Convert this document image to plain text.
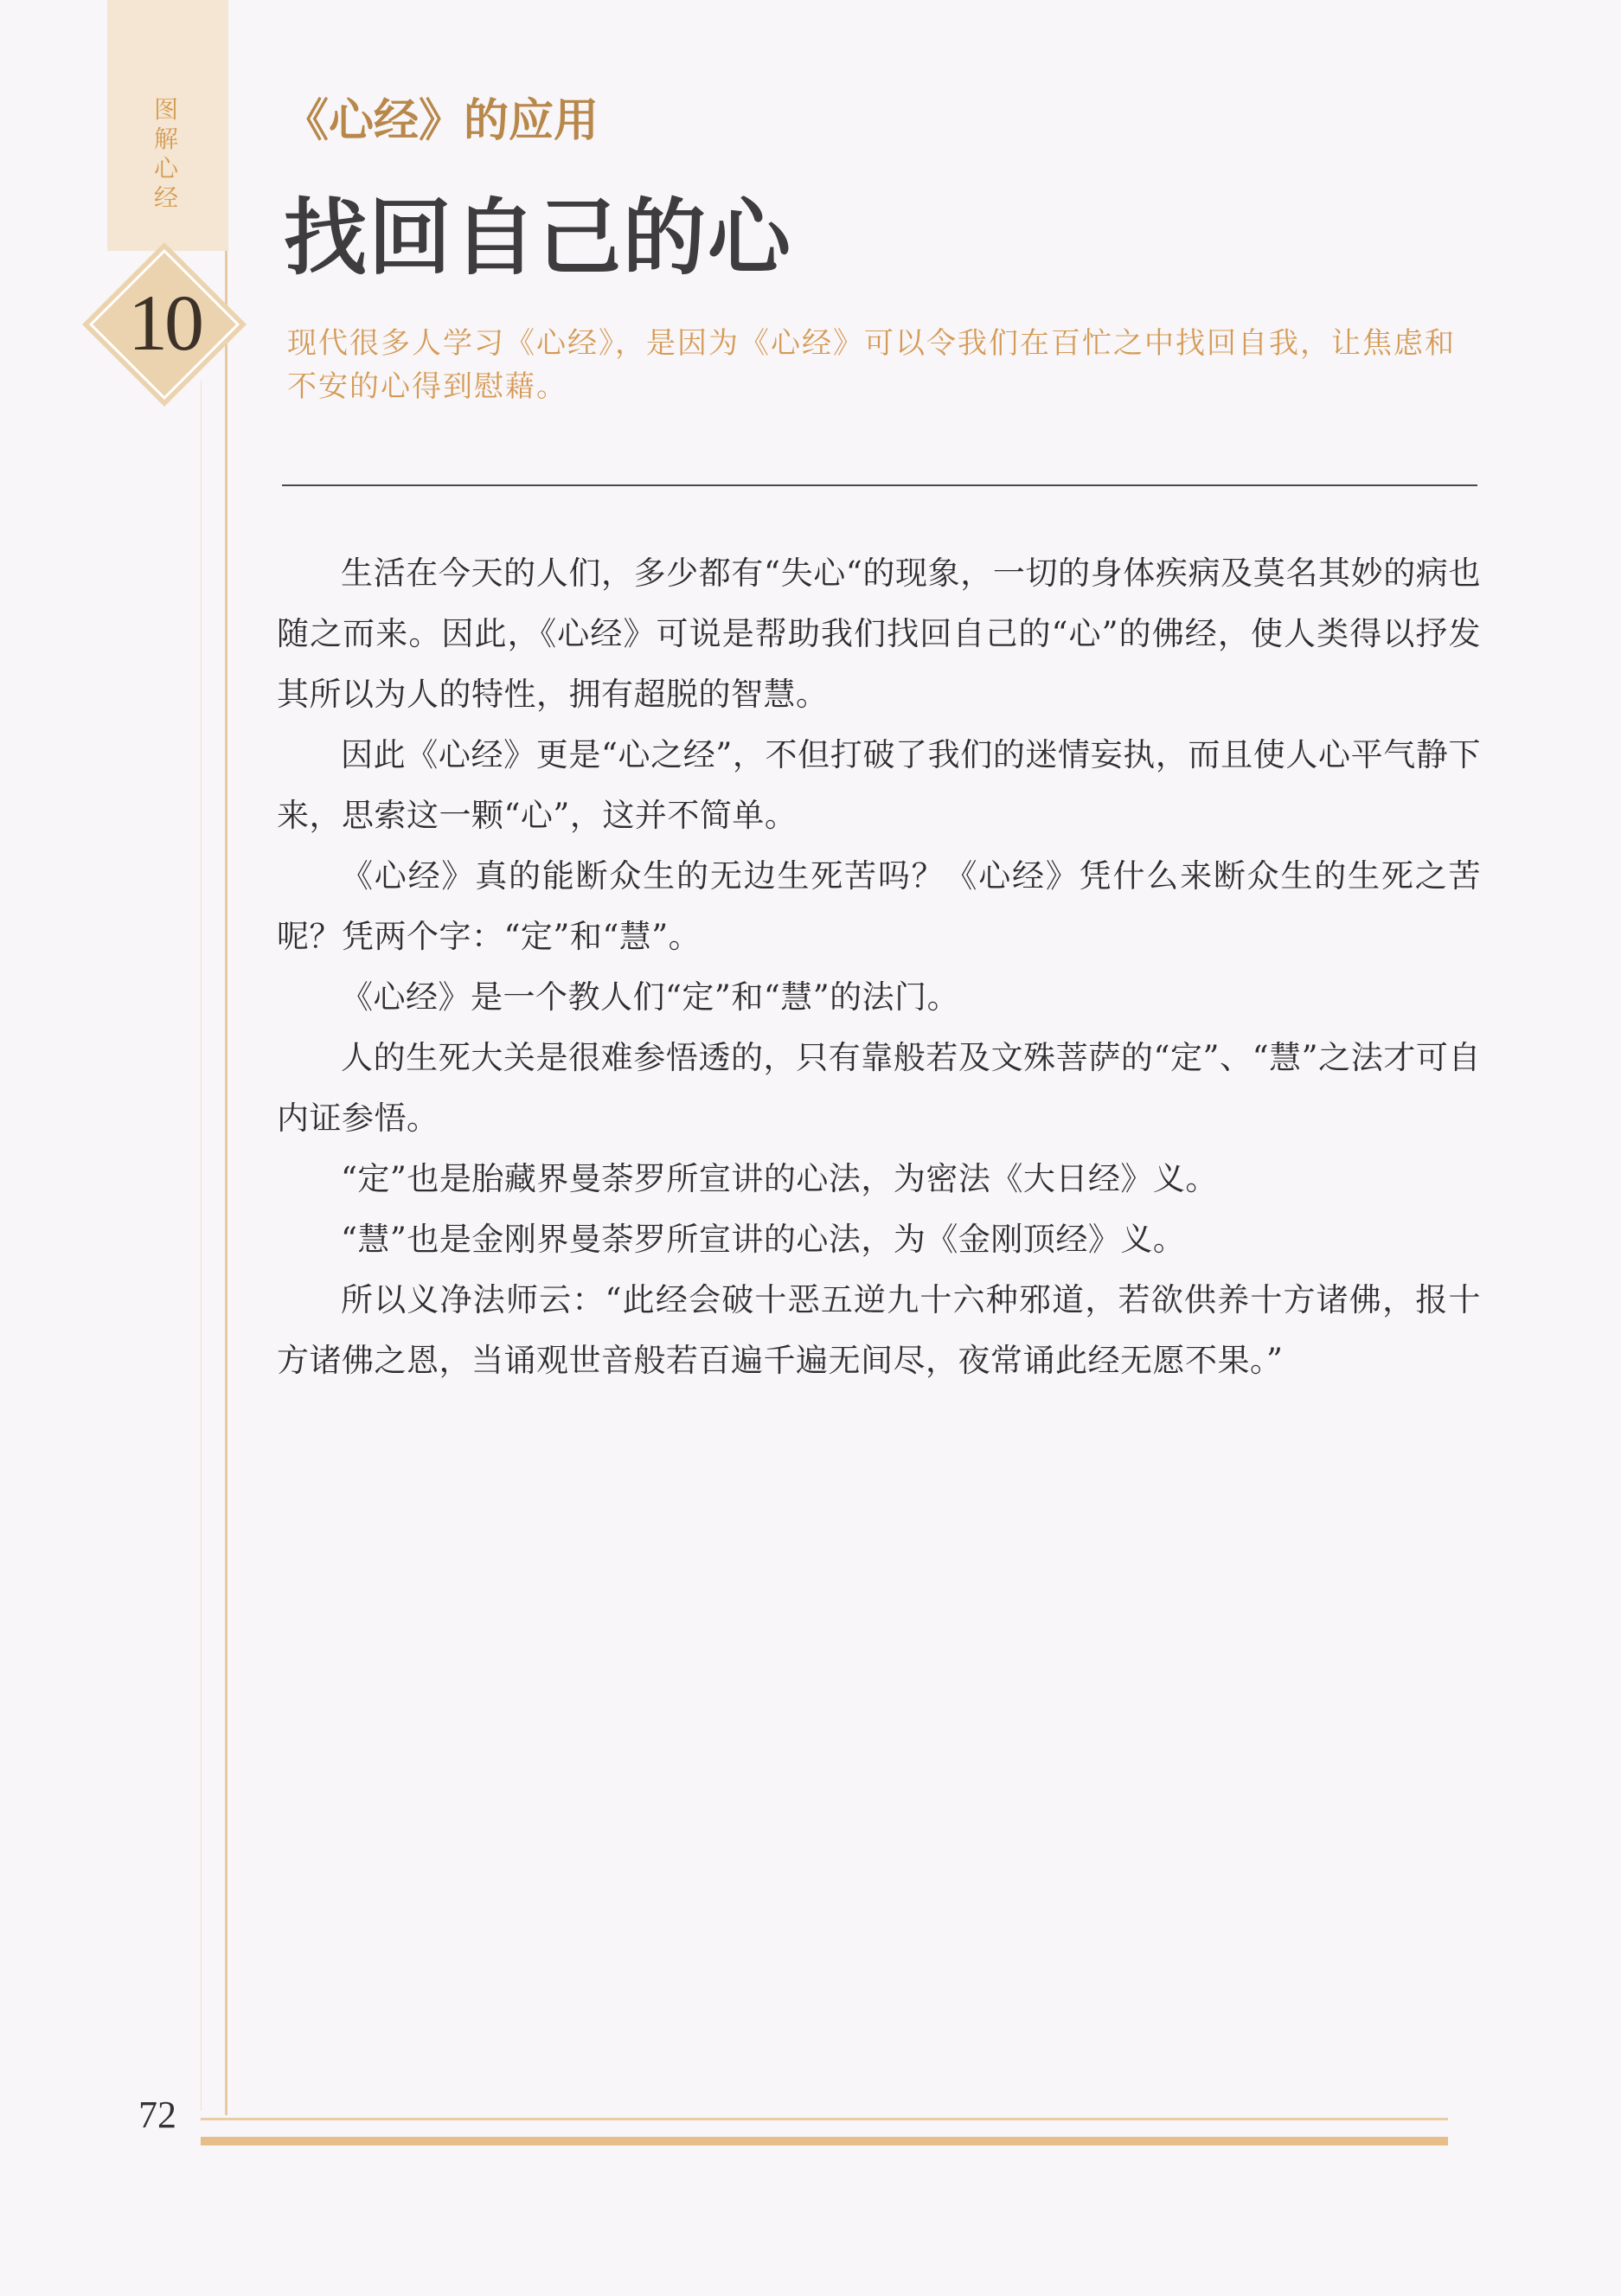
图解心经
10
《心经》的应用
找回自己的心
现代很多人学习《心经》，是因为《心经》可以令我们在百忙之中找回自我，让焦虑和不安的心得到慰藉。

生活在今天的人们，多少都有“失心“的现象，一切的身体疾病及莫名其妙的病也随之而来。因此，《心经》可说是帮助我们找回自己的“心”的佛经，使人类得以抒发其所以为人的特性，拥有超脱的智慧。

因此《心经》更是“心之经”，不但打破了我们的迷情妄执，而且使人心平气静下来，思索这一颗“心”，这并不简单。

《心经》真的能断众生的无边生死苦吗？《心经》凭什么来断众生的生死之苦呢？凭两个字：“定”和“慧”。

《心经》是一个教人们“定”和“慧”的法门。

人的生死大关是很难参悟透的，只有靠般若及文殊菩萨的“定”、“慧”之法才可自内证参悟。

“定”也是胎藏界曼荼罗所宣讲的心法，为密法《大日经》义。

“慧”也是金刚界曼荼罗所宣讲的心法，为《金刚顶经》义。

所以义净法师云：“此经会破十恶五逆九十六种邪道，若欲供养十方诸佛，报十方诸佛之恩，当诵观世音般若百遍千遍无间尽，夜常诵此经无愿不果。”

72
